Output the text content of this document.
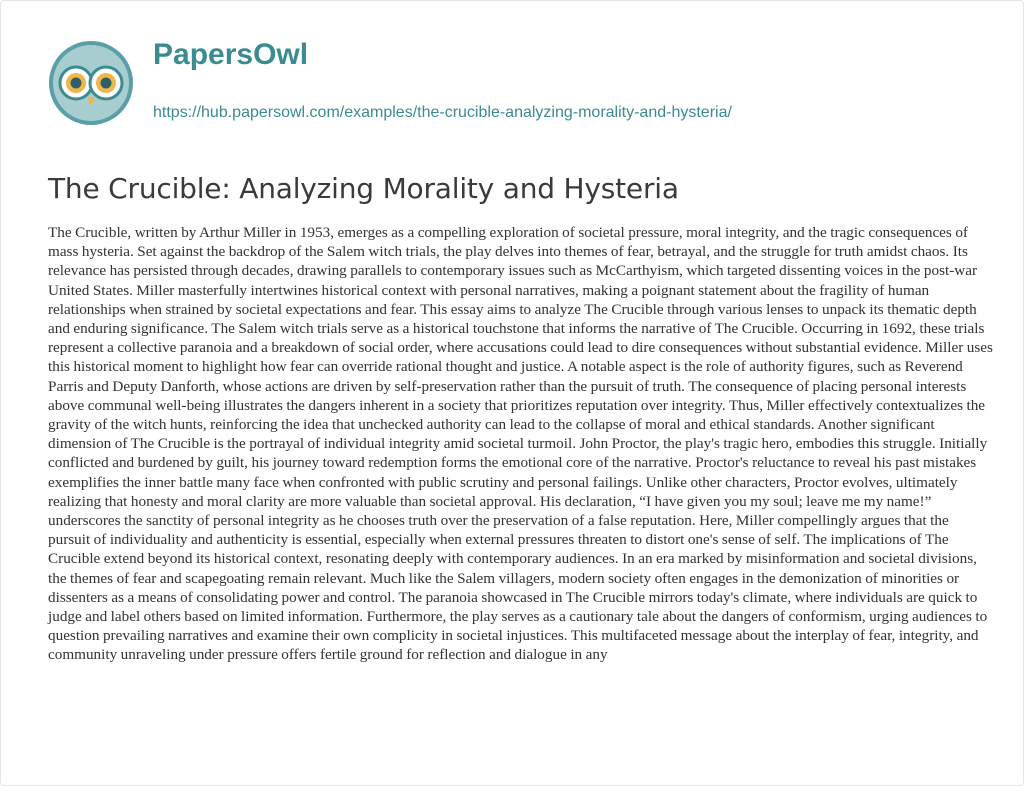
PapersOwl
https://hub.papersowl.com/examples/the-crucible-analyzing-morality-and-hysteria/
The Crucible: Analyzing Morality and Hysteria

The Crucible, written by Arthur Miller in 1953, emerges as a compelling exploration of societal pressure, moral integrity, and the tragic consequences of mass hysteria. Set against the backdrop of the Salem witch trials, the play delves into themes of fear, betrayal, and the struggle for truth amidst chaos. Its relevance has persisted through decades, drawing parallels to contemporary issues such as McCarthyism, which targeted dissenting voices in the post-war United States. Miller masterfully intertwines historical context with personal narratives, making a poignant statement about the fragility of human relationships when strained by societal expectations and fear. This essay aims to analyze The Crucible through various lenses to unpack its thematic depth and enduring significance. The Salem witch trials serve as a historical touchstone that informs the narrative of The Crucible. Occurring in 1692, these trials represent a collective paranoia and a breakdown of social order, where accusations could lead to dire consequences without substantial evidence. Miller uses this historical moment to highlight how fear can override rational thought and justice. A notable aspect is the role of authority figures, such as Reverend Parris and Deputy Danforth, whose actions are driven by self-preservation rather than the pursuit of truth. The consequence of placing personal interests above communal well-being illustrates the dangers inherent in a society that prioritizes reputation over integrity. Thus, Miller effectively contextualizes the gravity of the witch hunts, reinforcing the idea that unchecked authority can lead to the collapse of moral and ethical standards. Another significant dimension of The Crucible is the portrayal of individual integrity amid societal turmoil. John Proctor, the play's tragic hero, embodies this struggle. Initially conflicted and burdened by guilt, his journey toward redemption forms the emotional core of the narrative. Proctor's reluctance to reveal his past mistakes exemplifies the inner battle many face when confronted with public scrutiny and personal failings. Unlike other characters, Proctor evolves, ultimately realizing that honesty and moral clarity are more valuable than societal approval. His declaration, “I have given you my soul; leave me my name!” underscores the sanctity of personal integrity as he chooses truth over the preservation of a false reputation. Here, Miller compellingly argues that the pursuit of individuality and authenticity is essential, especially when external pressures threaten to distort one's sense of self. The implications of The Crucible extend beyond its historical context, resonating deeply with contemporary audiences. In an era marked by misinformation and societal divisions, the themes of fear and scapegoating remain relevant. Much like the Salem villagers, modern society often engages in the demonization of minorities or dissenters as a means of consolidating power and control. The paranoia showcased in The Crucible mirrors today's climate, where individuals are quick to judge and label others based on limited information. Furthermore, the play serves as a cautionary tale about the dangers of conformism, urging audiences to question prevailing narratives and examine their own complicity in societal injustices. This multifaceted message about the interplay of fear, integrity, and community unraveling under pressure offers fertile ground for reflection and dialogue in any
